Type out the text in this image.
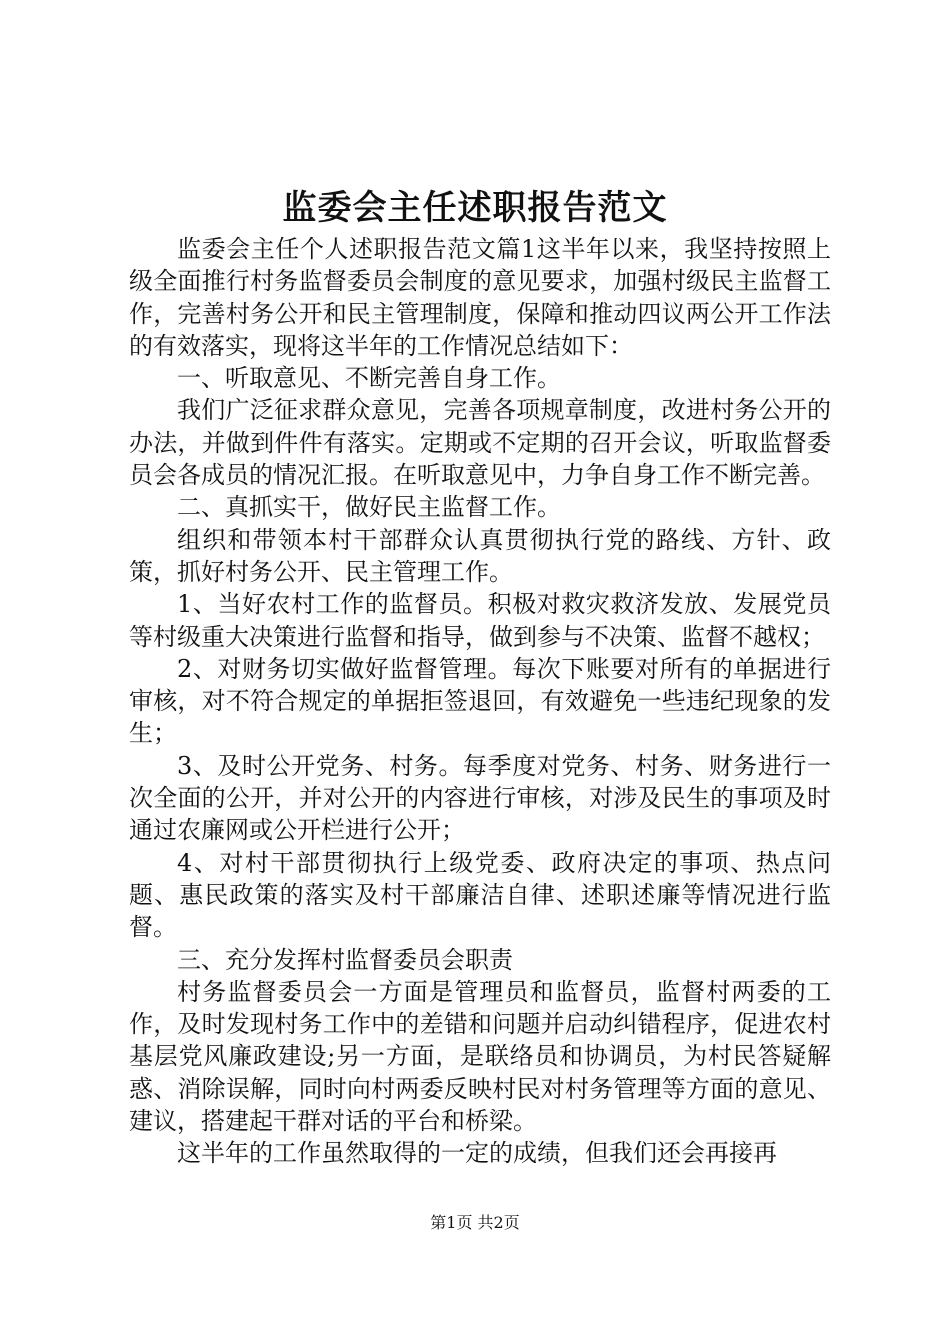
监委会主任述职报告范文

监委会主任个人述职报告范文篇1这半年以来，我坚持按照上级全面推行村务监督委员会制度的意见要求，加强村级民主监督工作，完善村务公开和民主管理制度，保障和推动四议两公开工作法的有效落实，现将这半年的工作情况总结如下：

一、听取意见、不断完善自身工作。

我们广泛征求群众意见，完善各项规章制度，改进村务公开的办法，并做到件件有落实。定期或不定期的召开会议，听取监督委员会各成员的情况汇报。在听取意见中，力争自身工作不断完善。

二、真抓实干，做好民主监督工作。

组织和带领本村干部群众认真贯彻执行党的路线、方针、政策，抓好村务公开、民主管理工作。

1、当好农村工作的监督员。积极对救灾救济发放、发展党员等村级重大决策进行监督和指导，做到参与不决策、监督不越权；

2、对财务切实做好监督管理。每次下账要对所有的单据进行审核，对不符合规定的单据拒签退回，有效避免一些违纪现象的发生；

3、及时公开党务、村务。每季度对党务、村务、财务进行一次全面的公开，并对公开的内容进行审核，对涉及民生的事项及时通过农廉网或公开栏进行公开；

4、对村干部贯彻执行上级党委、政府决定的事项、热点问题、惠民政策的落实及村干部廉洁自律、述职述廉等情况进行监督。

三、充分发挥村监督委员会职责

村务监督委员会一方面是管理员和监督员，监督村两委的工作，及时发现村务工作中的差错和问题并启动纠错程序，促进农村基层党风廉政建设;另一方面，是联络员和协调员，为村民答疑解惑、消除误解，同时向村两委反映村民对村务管理等方面的意见、建议，搭建起干群对话的平台和桥梁。

这半年的工作虽然取得的一定的成绩，但我们还会再接再

第1页 共2页
